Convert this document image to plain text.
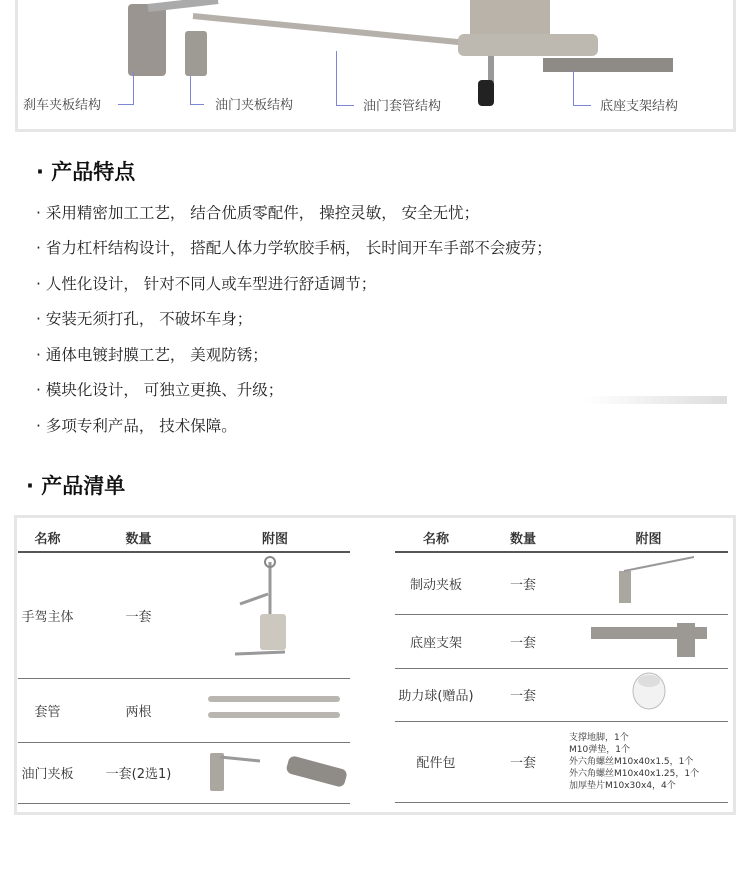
刹车夹板结构	油门夹板结构	油门套管结构	底座支架结构
· 产品特点
· 采用精密加工工艺， 结合优质零配件， 操控灵敏， 安全无忧；
· 省力杠杆结构设计， 搭配人体力学软胶手柄， 长时间开车手部不会疲劳；
· 人性化设计， 针对不同人或车型进行舒适调节；
· 安装无须打孔， 不破坏车身；
· 通体电镀封膜工艺， 美观防锈；
· 模块化设计， 可独立更换、升级；
· 多项专利产品， 技术保障。
· 产品清单
名称	数量	附图
手驾主体	一套	
套管	两根	
油门夹板	一套(2选1)	
名称	数量	附图
制动夹板	一套	
底座支架	一套	
助力球(赠品)	一套	
配件包	一套	支撑地脚，1个
M10弹垫，1个
外六角螺丝M10x40x1.5，1个
外六角螺丝M10x40x1.25，1个
加厚垫片M10x30x4，4个
